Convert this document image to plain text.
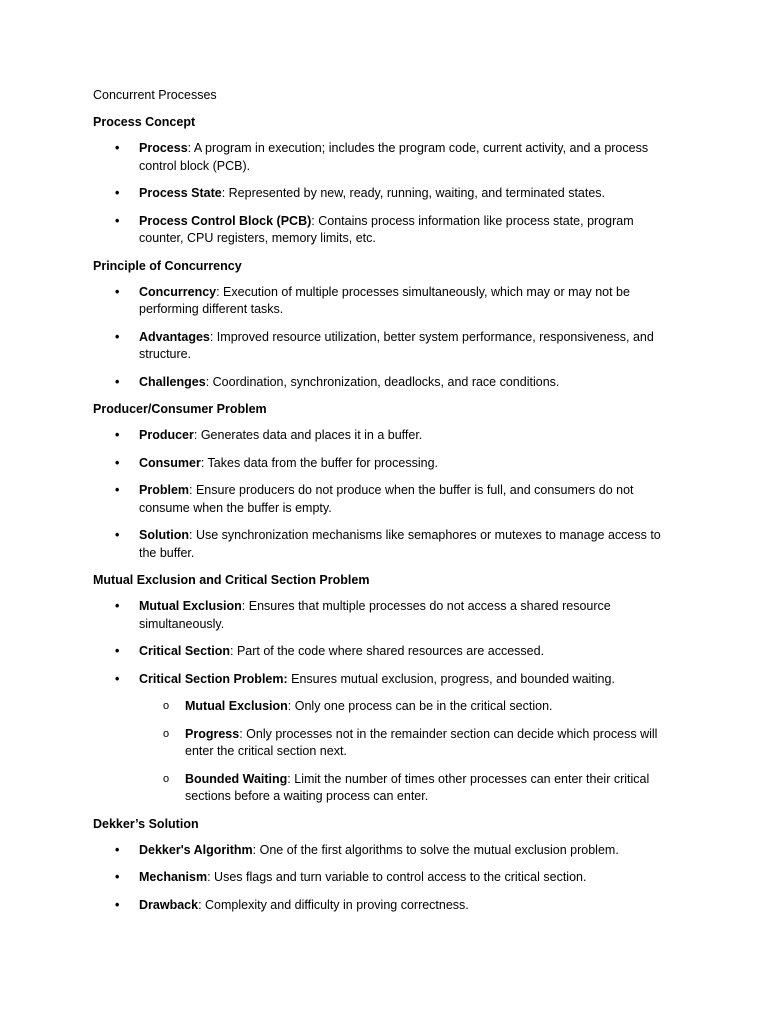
Concurrent Processes
Process Concept
• Process: A program in execution; includes the program code, current activity, and a process control block (PCB).
• Process State: Represented by new, ready, running, waiting, and terminated states.
• Process Control Block (PCB): Contains process information like process state, program counter, CPU registers, memory limits, etc.
Principle of Concurrency
• Concurrency: Execution of multiple processes simultaneously, which may or may not be performing different tasks.
• Advantages: Improved resource utilization, better system performance, responsiveness, and structure.
• Challenges: Coordination, synchronization, deadlocks, and race conditions.
Producer/Consumer Problem
• Producer: Generates data and places it in a buffer.
• Consumer: Takes data from the buffer for processing.
• Problem: Ensure producers do not produce when the buffer is full, and consumers do not consume when the buffer is empty.
• Solution: Use synchronization mechanisms like semaphores or mutexes to manage access to the buffer.
Mutual Exclusion and Critical Section Problem
• Mutual Exclusion: Ensures that multiple processes do not access a shared resource simultaneously.
• Critical Section: Part of the code where shared resources are accessed.
• Critical Section Problem: Ensures mutual exclusion, progress, and bounded waiting.
o Mutual Exclusion: Only one process can be in the critical section.
o Progress: Only processes not in the remainder section can decide which process will enter the critical section next.
o Bounded Waiting: Limit the number of times other processes can enter their critical sections before a waiting process can enter.
Dekker’s Solution
• Dekker's Algorithm: One of the first algorithms to solve the mutual exclusion problem.
• Mechanism: Uses flags and turn variable to control access to the critical section.
• Drawback: Complexity and difficulty in proving correctness.
